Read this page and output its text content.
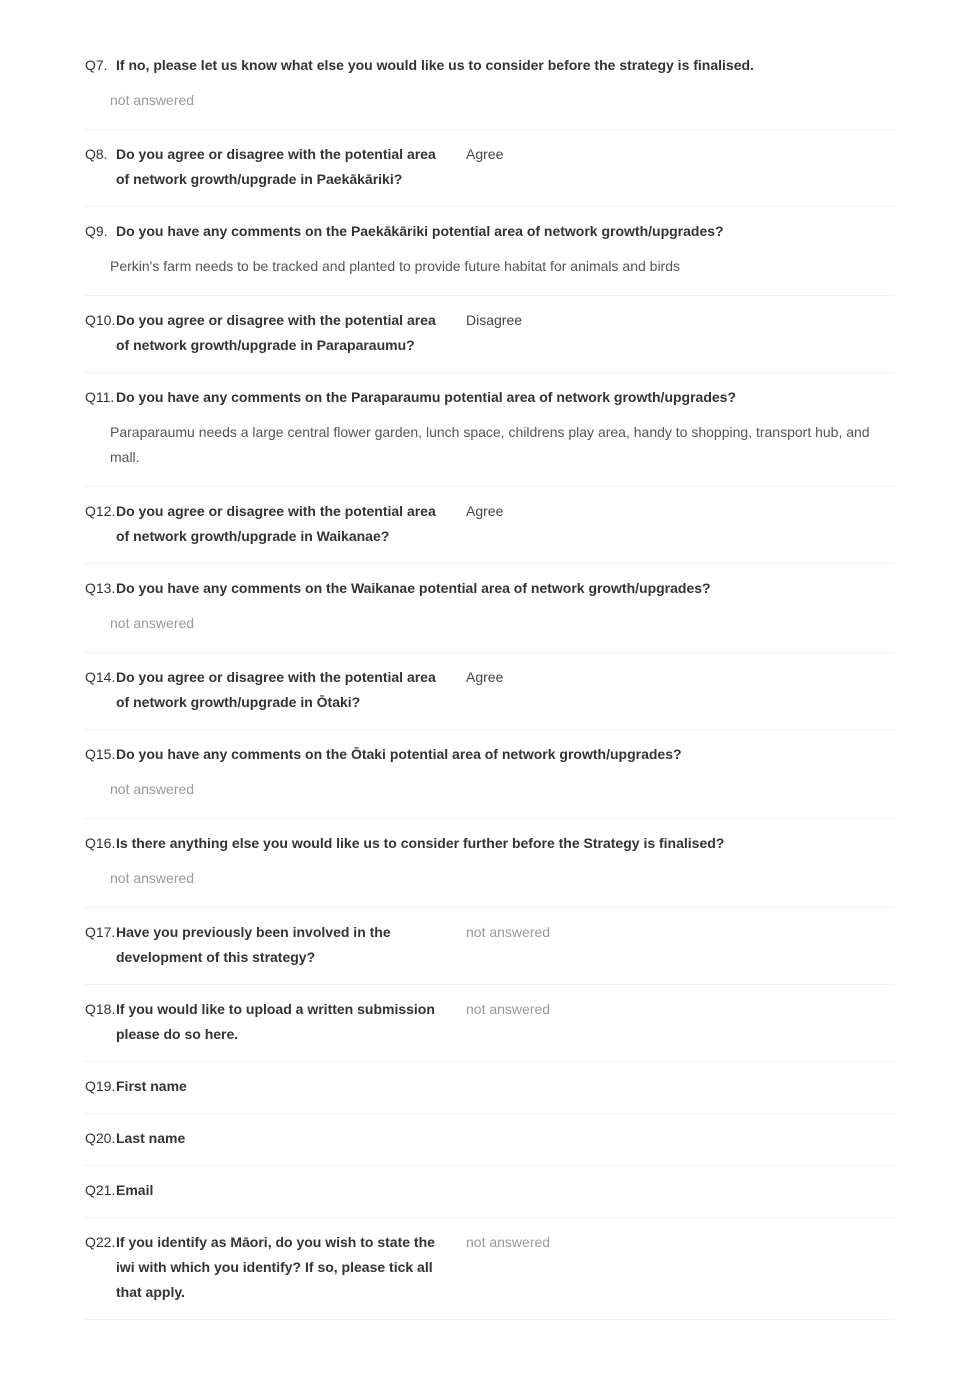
Q7. If no, please let us know what else you would like us to consider before the strategy is finalised.
not answered
Q8. Do you agree or disagree with the potential area of network growth/upgrade in Paekākāriki?
Agree
Q9. Do you have any comments on the Paekākāriki potential area of network growth/upgrades?
Perkin's farm needs to be tracked and planted to provide future habitat for animals and birds
Q10. Do you agree or disagree with the potential area of network growth/upgrade in Paraparaumu?
Disagree
Q11. Do you have any comments on the Paraparaumu potential area of network growth/upgrades?
Paraparaumu needs a large central flower garden, lunch space, childrens play area, handy to shopping, transport hub, and mall.
Q12. Do you agree or disagree with the potential area of network growth/upgrade in Waikanae?
Agree
Q13. Do you have any comments on the Waikanae potential area of network growth/upgrades?
not answered
Q14. Do you agree or disagree with the potential area of network growth/upgrade in Ōtaki?
Agree
Q15. Do you have any comments on the Ōtaki potential area of network growth/upgrades?
not answered
Q16. Is there anything else you would like us to consider further before the Strategy is finalised?
not answered
Q17. Have you previously been involved in the development of this strategy?
not answered
Q18. If you would like to upload a written submission please do so here.
not answered
Q19. First name
Q20. Last name
Q21. Email
Q22. If you identify as Māori, do you wish to state the iwi with which you identify? If so, please tick all that apply.
not answered
